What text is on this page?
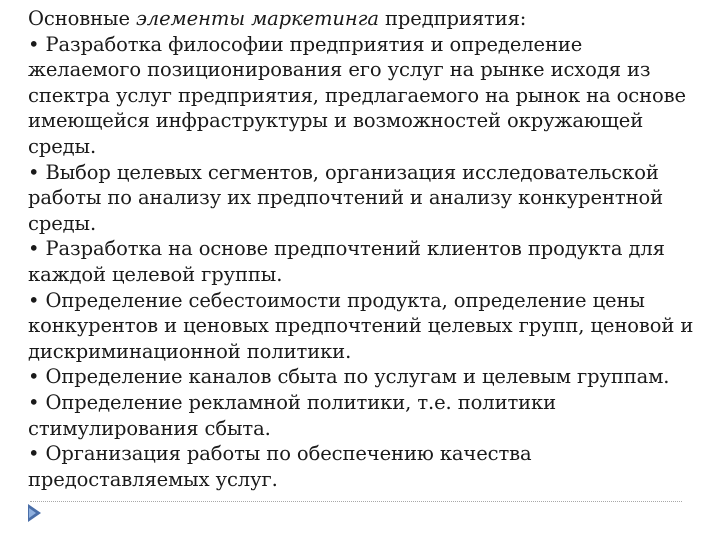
Основные элементы маркетинга предприятия:

• Разработка философии предприятия и определение желаемого позиционирования его услуг на рынке исходя из спектра услуг предприятия, предлагаемого на рынок на основе имеющейся инфраструктуры и возможностей окружающей среды.

• Выбор целевых сегментов, организация исследовательской работы по анализу их предпочтений и анализу конкурентной среды.

• Разработка на основе предпочтений клиентов продукта для каждой целевой группы.

• Определение себестоимости продукта, определение цены конкурентов и ценовых предпочтений целевых групп, ценовой и дискриминационной политики.

• Определение каналов сбыта по услугам и целевым группам.

• Определение рекламной политики, т.е. политики стимулирования сбыта.

• Организация работы по обеспечению качества предоставляемых услуг.
